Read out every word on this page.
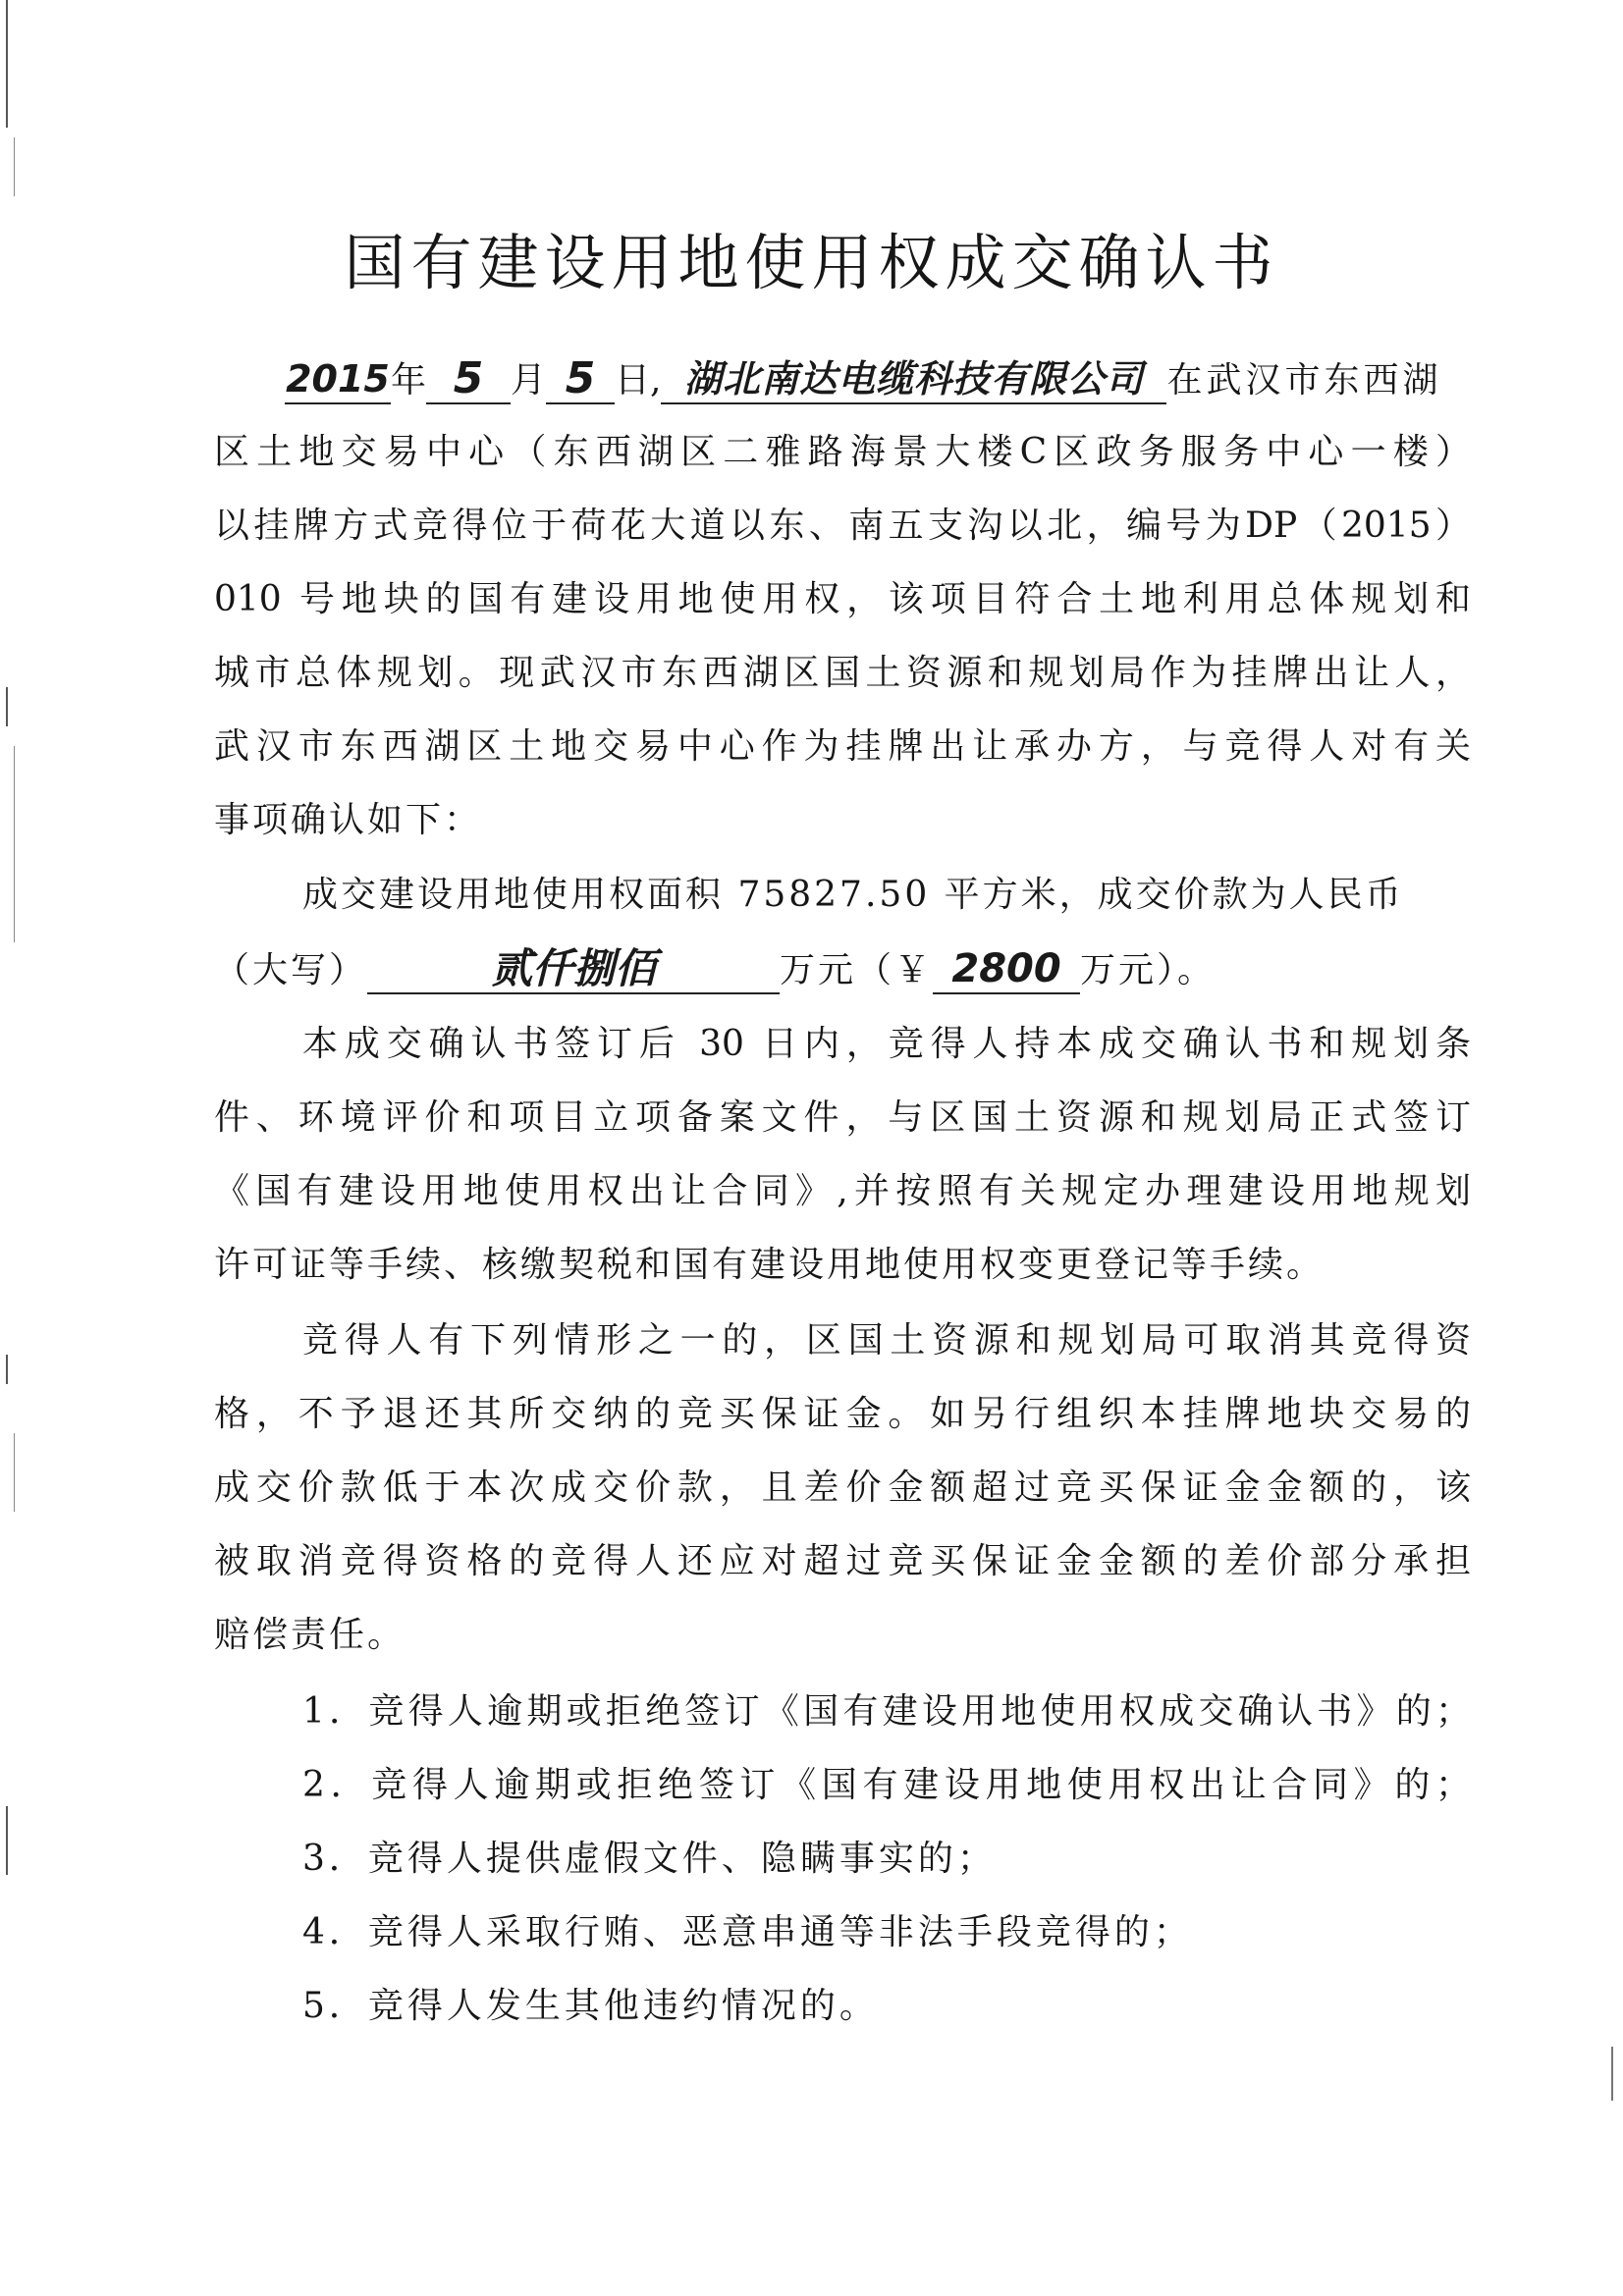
国有建设用地使用权成交确认书
2015年 5 月 5 日, 湖北南达电缆科技有限公司 在武汉市东西湖
区土地交易中心（东西湖区二雅路海景大楼C区政务服务中心一楼）
以挂牌方式竞得位于荷花大道以东、南五支沟以北，编号为DP（2015）
010 号地块的国有建设用地使用权，该项目符合土地利用总体规划和
城市总体规划。现武汉市东西湖区国土资源和规划局作为挂牌出让人，
武汉市东西湖区土地交易中心作为挂牌出让承办方，与竞得人对有关
事项确认如下：
成交建设用地使用权面积 75827.50 平方米，成交价款为人民币
（大写）	贰仟捌佰	万元（￥ 2800 万元）。
本成交确认书签订后 30 日内，竞得人持本成交确认书和规划条
件、环境评价和项目立项备案文件，与区国土资源和规划局正式签订
《国有建设用地使用权出让合同》,并按照有关规定办理建设用地规划
许可证等手续、核缴契税和国有建设用地使用权变更登记等手续。
竞得人有下列情形之一的，区国土资源和规划局可取消其竞得资
格，不予退还其所交纳的竞买保证金。如另行组织本挂牌地块交易的
成交价款低于本次成交价款，且差价金额超过竞买保证金金额的，该
被取消竞得资格的竞得人还应对超过竞买保证金金额的差价部分承担
赔偿责任。
1．竞得人逾期或拒绝签订《国有建设用地使用权成交确认书》的；
2．竞得人逾期或拒绝签订《国有建设用地使用权出让合同》的；
3．竞得人提供虚假文件、隐瞒事实的；
4．竞得人采取行贿、恶意串通等非法手段竞得的；
5．竞得人发生其他违约情况的。
